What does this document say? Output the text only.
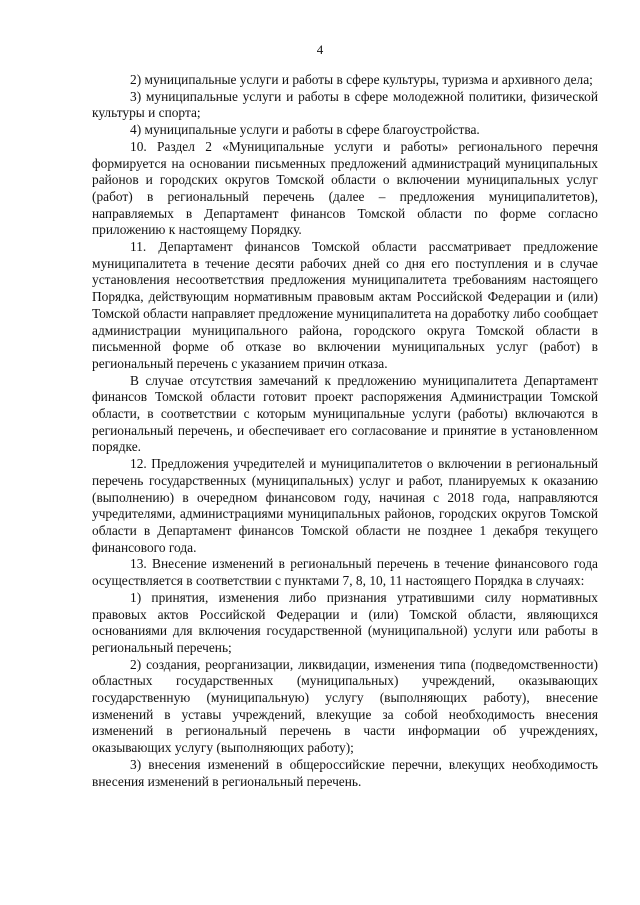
4

2) муниципальные услуги и работы в сфере культуры, туризма и архивного дела;

3) муниципальные услуги и работы в сфере молодежной политики, физической культуры и спорта;

4) муниципальные услуги и работы в сфере благоустройства.

10. Раздел 2 «Муниципальные услуги и работы» регионального перечня формируется на основании письменных предложений администраций муниципальных районов и городских округов Томской области о включении муниципальных услуг (работ) в региональный перечень (далее – предложения муниципалитетов), направляемых в Департамент финансов Томской области по форме согласно приложению к настоящему Порядку.

11. Департамент финансов Томской области рассматривает предложение муниципалитета в течение десяти рабочих дней со дня его поступления и в случае установления несоответствия предложения муниципалитета требованиям настоящего Порядка, действующим нормативным правовым актам Российской Федерации и (или) Томской области направляет предложение муниципалитета на доработку либо сообщает администрации муниципального района, городского округа Томской области в письменной форме об отказе во включении муниципальных услуг (работ) в региональный перечень с указанием причин отказа.

В случае отсутствия замечаний к предложению муниципалитета Департамент финансов Томской области готовит проект распоряжения Администрации Томской области, в соответствии с которым муниципальные услуги (работы) включаются в региональный перечень, и обеспечивает его согласование и принятие в установленном порядке.

12. Предложения учредителей и муниципалитетов о включении в региональный перечень государственных (муниципальных) услуг и работ, планируемых к оказанию (выполнению) в очередном финансовом году, начиная с 2018 года, направляются учредителями, администрациями муниципальных районов, городских округов Томской области в Департамент финансов Томской области не позднее 1 декабря текущего финансового года.

13. Внесение изменений в региональный перечень в течение финансового года осуществляется в соответствии с пунктами 7, 8, 10, 11 настоящего Порядка в случаях:

1) принятия, изменения либо признания утратившими силу нормативных правовых актов Российской Федерации и (или) Томской области, являющихся основаниями для включения государственной (муниципальной) услуги или работы в региональный перечень;

2) создания, реорганизации, ликвидации, изменения типа (подведомственности) областных государственных (муниципальных) учреждений, оказывающих государственную (муниципальную) услугу (выполняющих работу), внесение изменений в уставы учреждений, влекущие за собой необходимость внесения изменений в региональный перечень в части информации об учреждениях, оказывающих услугу (выполняющих работу);

3) внесения изменений в общероссийские перечни, влекущих необходимость внесения изменений в региональный перечень.
